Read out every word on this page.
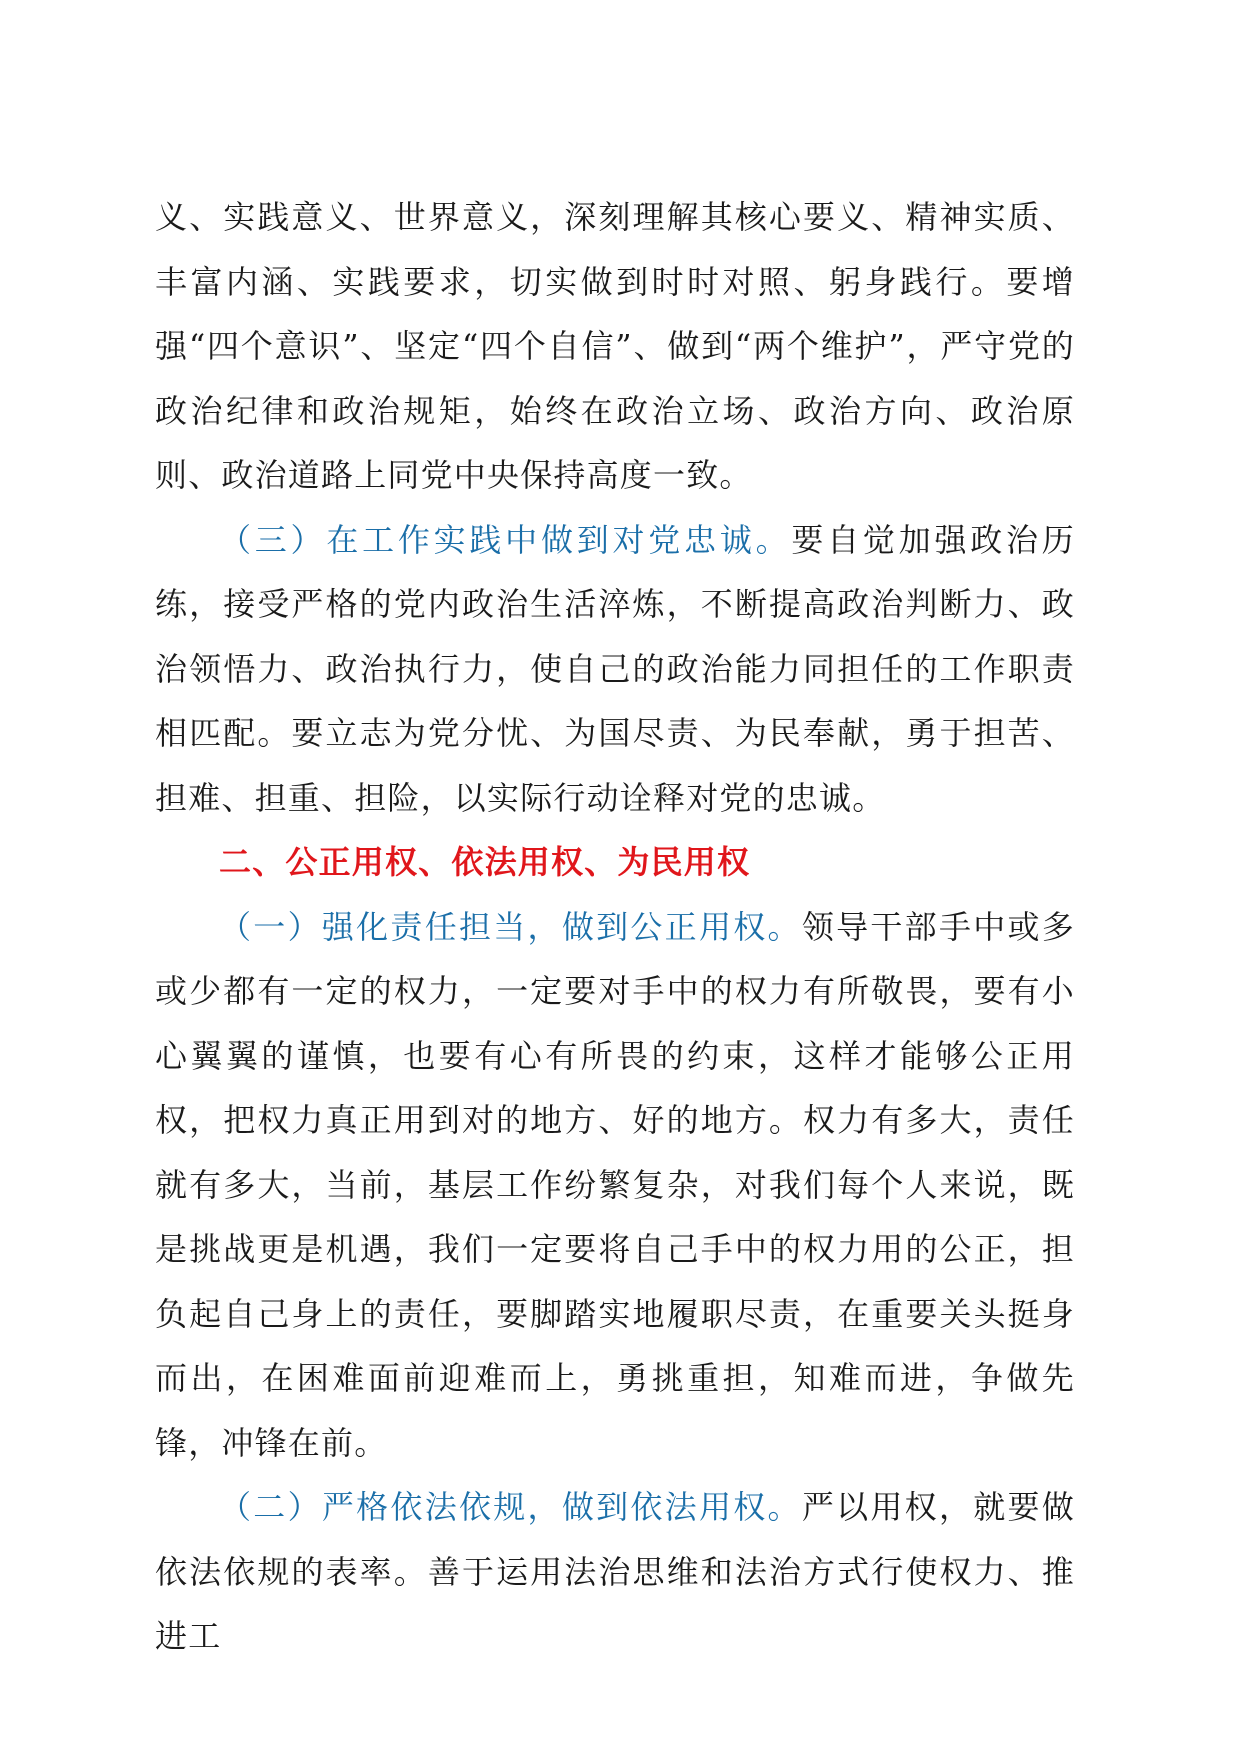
义、实践意义、世界意义，深刻理解其核心要义、精神实质、丰富内涵、实践要求，切实做到时时对照、躬身践行。要增强“四个意识”、坚定“四个自信”、做到“两个维护”，严守党的政治纪律和政治规矩，始终在政治立场、政治方向、政治原则、政治道路上同党中央保持高度一致。

（三）在工作实践中做到对党忠诚。要自觉加强政治历练，接受严格的党内政治生活淬炼，不断提高政治判断力、政治领悟力、政治执行力，使自己的政治能力同担任的工作职责相匹配。要立志为党分忧、为国尽责、为民奉献，勇于担苦、担难、担重、担险，以实际行动诠释对党的忠诚。

二、公正用权、依法用权、为民用权

（一）强化责任担当，做到公正用权。领导干部手中或多或少都有一定的权力，一定要对手中的权力有所敬畏，要有小心翼翼的谨慎，也要有心有所畏的约束，这样才能够公正用权，把权力真正用到对的地方、好的地方。权力有多大，责任就有多大，当前，基层工作纷繁复杂，对我们每个人来说，既是挑战更是机遇，我们一定要将自己手中的权力用的公正，担负起自己身上的责任，要脚踏实地履职尽责，在重要关头挺身而出，在困难面前迎难而上，勇挑重担，知难而进，争做先锋，冲锋在前。

（二）严格依法依规，做到依法用权。严以用权，就要做依法依规的表率。善于运用法治思维和法治方式行使权力、推进工
